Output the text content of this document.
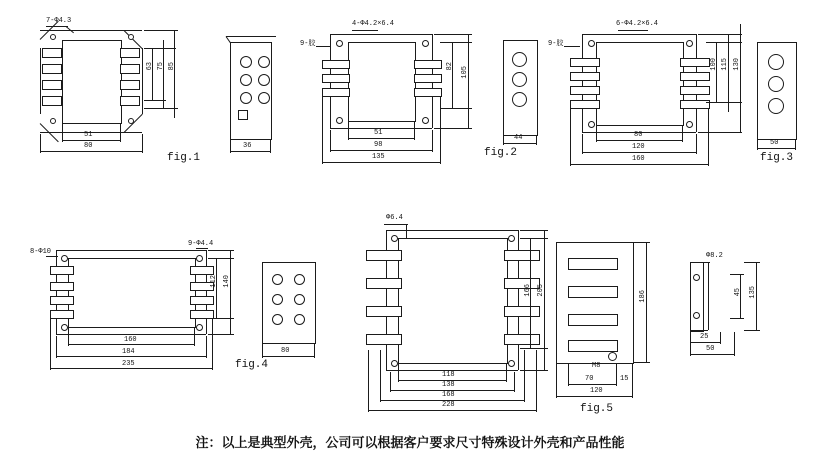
7-Φ4.3
63 75 85
51
80
fig.1
36
4-Φ4.2×6.4
9-胶
82 105
51
98
135	fig.2
44
6-Φ4.2×6.4
9-胶
100 115 130
80
120
160	fig.3
50
8-Φ10
9-Φ4.4
112 140
160
184
235	fig.4
80
Φ6.4
166 205
118
138
168
228	fig.5
M8
70	15
120
186
Φ8.2
45 135
25
50
注：以上是典型外壳，公司可以根据客户要求尺寸特殊设计外壳和产品性能
